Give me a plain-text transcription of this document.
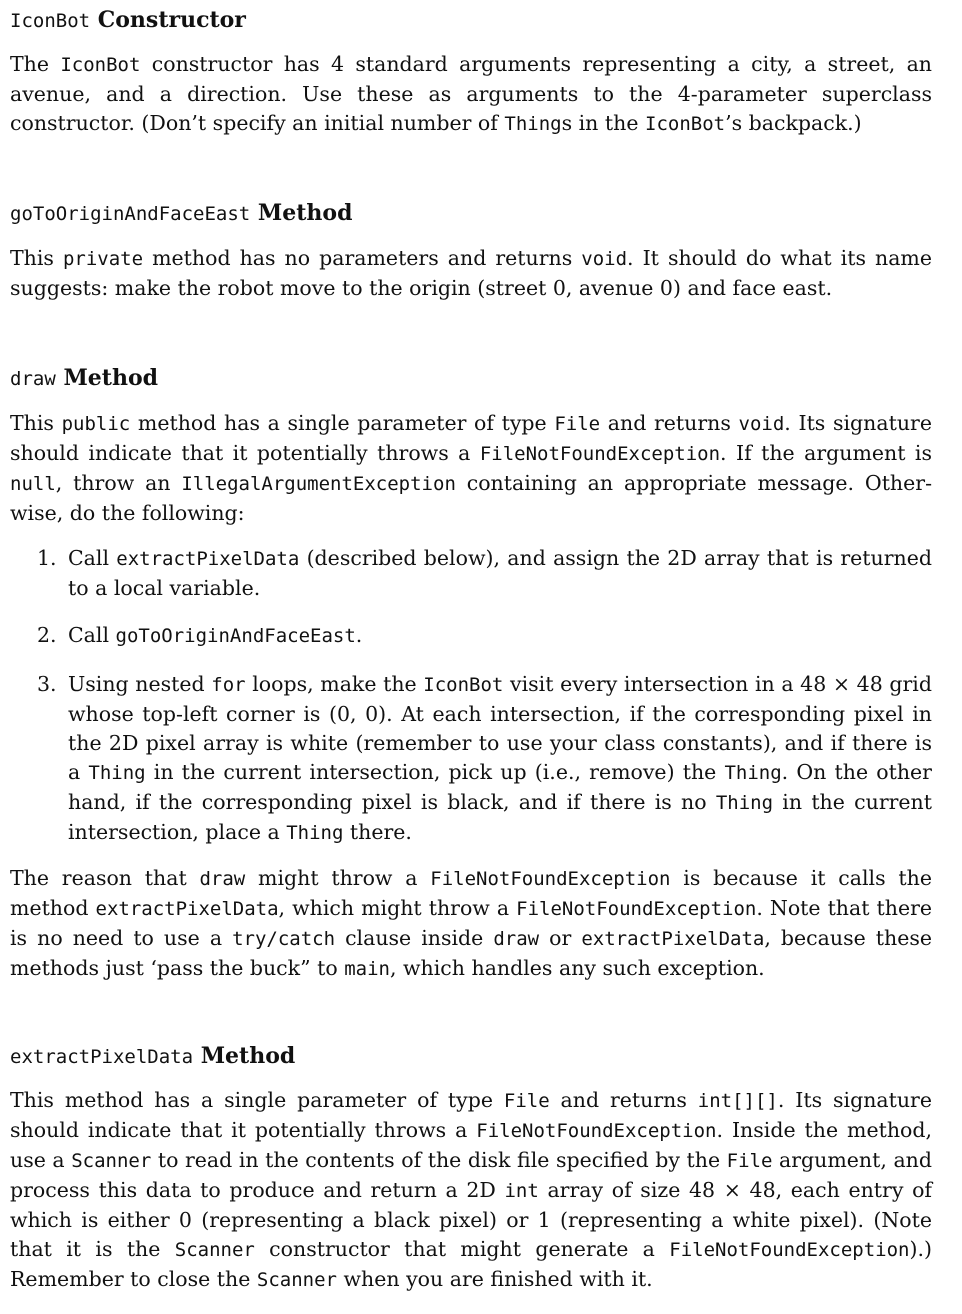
IconBot Constructor
The IconBot constructor has 4 standard arguments representing a city, a street, an avenue, and a direction. Use these as arguments to the 4-parameter superclass constructor. (Don’t specify an initial number of Things in the IconBot’s backpack.)
goToOriginAndFaceEast Method
This private method has no parameters and returns void. It should do what its name suggests: make the robot move to the origin (street 0, avenue 0) and face east.
draw Method
This public method has a single parameter of type File and returns void. Its signature should indicate that it potentially throws a FileNotFoundException. If the argument is null, throw an IllegalArgumentException containing an appropriate message. Other- wise, do the following:
1. Call extractPixelData (described below), and assign the 2D array that is returned to a local variable.
2. Call goToOriginAndFaceEast.
3. Using nested for loops, make the IconBot visit every intersection in a 48 × 48 grid whose top-left corner is (0, 0). At each intersection, if the corresponding pixel in the 2D pixel array is white (remember to use your class constants), and if there is a Thing in the current intersection, pick up (i.e., remove) the Thing. On the other hand, if the corresponding pixel is black, and if there is no Thing in the current intersection, place a Thing there.
The reason that draw might throw a FileNotFoundException is because it calls the method extractPixelData, which might throw a FileNotFoundException. Note that there is no need to use a try/catch clause inside draw or extractPixelData, because these methods just ‘pass the buck” to main, which handles any such exception.
extractPixelData Method
This method has a single parameter of type File and returns int[][]. Its signature should indicate that it potentially throws a FileNotFoundException. Inside the method, use a Scanner to read in the contents of the disk file specified by the File argument, and process this data to produce and return a 2D int array of size 48 × 48, each entry of which is either 0 (representing a black pixel) or 1 (representing a white pixel). (Note that it is the Scanner constructor that might generate a FileNotFoundException).) Remember to close the Scanner when you are finished with it.
